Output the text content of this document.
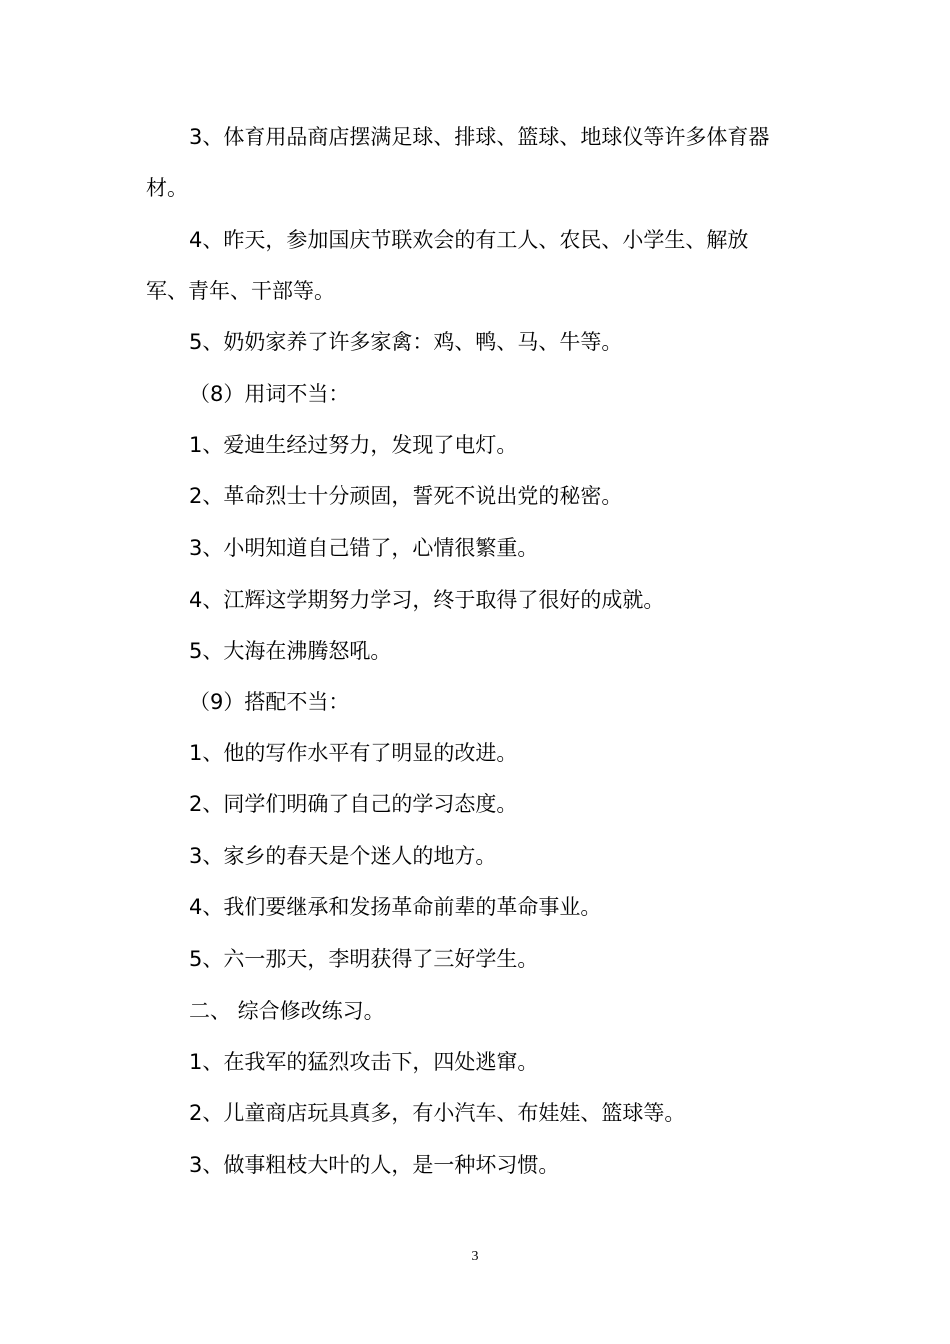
3、体育用品商店摆满足球、排球、篮球、地球仪等许多体育器
材。
4、昨天，参加国庆节联欢会的有工人、农民、小学生、解放
军、青年、干部等。
5、奶奶家养了许多家禽：鸡、鸭、马、牛等。
（8）用词不当：
1、爱迪生经过努力，发现了电灯。
2、革命烈士十分顽固，誓死不说出党的秘密。
3、小明知道自己错了，心情很繁重。
4、江辉这学期努力学习，终于取得了很好的成就。
5、大海在沸腾怒吼。
（9）搭配不当：
1、他的写作水平有了明显的改进。
2、同学们明确了自己的学习态度。
3、家乡的春天是个迷人的地方。
4、我们要继承和发扬革命前辈的革命事业。
5、六一那天，李明获得了三好学生。
二、 综合修改练习。
1、在我军的猛烈攻击下，四处逃窜。
2、儿童商店玩具真多，有小汽车、布娃娃、篮球等。
3、做事粗枝大叶的人，是一种坏习惯。
3
